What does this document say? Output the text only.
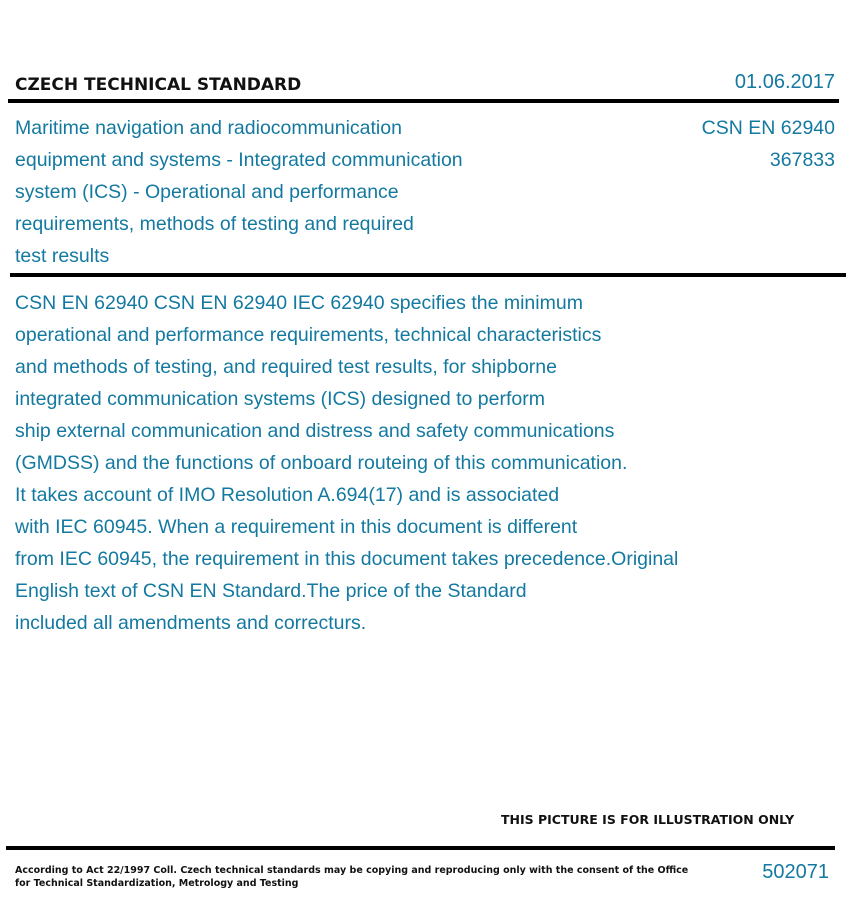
CZECH TECHNICAL STANDARD	01.06.2017
Maritime navigation and radiocommunication
equipment and systems - Integrated communication
system (ICS) - Operational and performance
requirements, methods of testing and required
test results
CSN EN 62940
367833
CSN EN 62940 CSN EN 62940 IEC 62940 specifies the minimum
operational and performance requirements, technical characteristics
and methods of testing, and required test results, for shipborne
integrated communication systems (ICS) designed to perform
ship external communication and distress and safety communications
(GMDSS) and the functions of onboard routeing of this communication.
It takes account of IMO Resolution A.694(17) and is associated
with IEC 60945. When a requirement in this document is different
from IEC 60945, the requirement in this document takes precedence.Original
English text of CSN EN Standard.The price of the Standard
included all amendments and correcturs.
THIS PICTURE IS FOR ILLUSTRATION ONLY
According to Act 22/1997 Coll. Czech technical standards may be copying and reproducing only with the consent of the Office
for Technical Standardization, Metrology and Testing
502071
